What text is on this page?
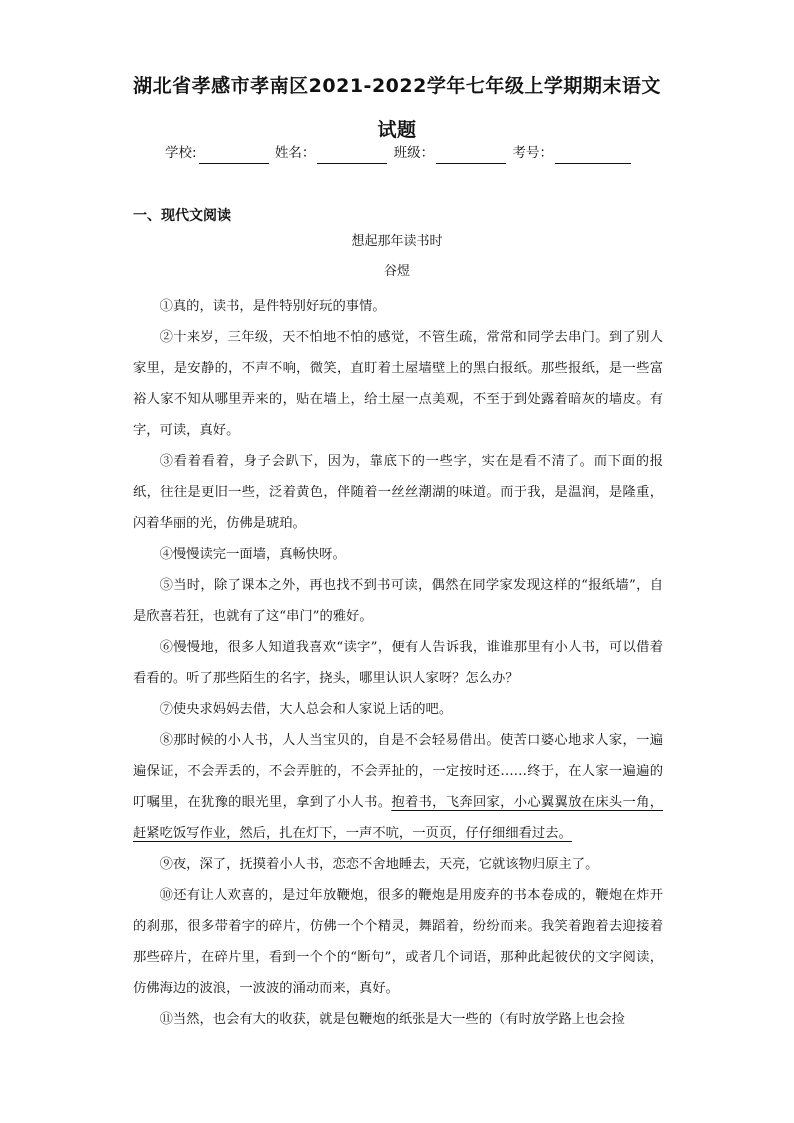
湖北省孝感市孝南区2021-2022学年七年级上学期期末语文
试题
学校:	姓名：	班级：	考号：
一、现代文阅读
想起那年读书时
谷煜

①真的，读书，是件特别好玩的事情。

②十来岁，三年级，天不怕地不怕的感觉，不管生疏，常常和同学去串门。到了别人家里，是安静的，不声不响，微笑，直盯着土屋墙壁上的黑白报纸。那些报纸，是一些富裕人家不知从哪里弄来的，贴在墙上，给土屋一点美观，不至于到处露着暗灰的墙皮。有字，可读，真好。

③看着看着，身子会趴下，因为，靠底下的一些字，实在是看不清了。而下面的报纸，往往是更旧一些，泛着黄色，伴随着一丝丝潮湖的味道。而于我，是温润，是隆重，闪着华丽的光，仿佛是琥珀。

④慢慢读完一面墙，真畅快呀。

⑤当时，除了课本之外，再也找不到书可读，偶然在同学家发现这样的“报纸墙”，自是欣喜若狂，也就有了这“串门”的雅好。

⑥慢慢地，很多人知道我喜欢“读字”，便有人告诉我，谁谁那里有小人书，可以借着看看的。听了那些陌生的名字，挠头，哪里认识人家呀？怎么办？

⑦使央求妈妈去借，大人总会和人家说上话的吧。

⑧那时候的小人书，人人当宝贝的，自是不会轻易借出。使苦口婆心地求人家，一遍遍保证，不会弄丢的，不会弄脏的，不会弄扯的，一定按时还……终于，在人家一遍遍的叮嘱里，在犹豫的眼光里，拿到了小人书。抱着书，飞奔回家，小心翼翼放在床头一角，赶紧吃饭写作业，然后，扎在灯下，一声不吭，一页页，仔仔细细看过去。

⑨夜，深了，抚摸着小人书，恋恋不舍地睡去，天亮，它就该物归原主了。

⑩还有让人欢喜的，是过年放鞭炮，很多的鞭炮是用废弃的书本卷成的，鞭炮在炸开的刹那，很多带着字的碎片，仿佛一个个精灵，舞蹈着，纷纷而来。我笑着跑着去迎接着那些碎片，在碎片里，看到一个个的“断句”，或者几个词语，那种此起彼伏的文字阅读，仿佛海边的波浪，一波波的涌动而来，真好。

⑪当然，也会有大的收获，就是包鞭炮的纸张是大一些的（有时放学路上也会捡
